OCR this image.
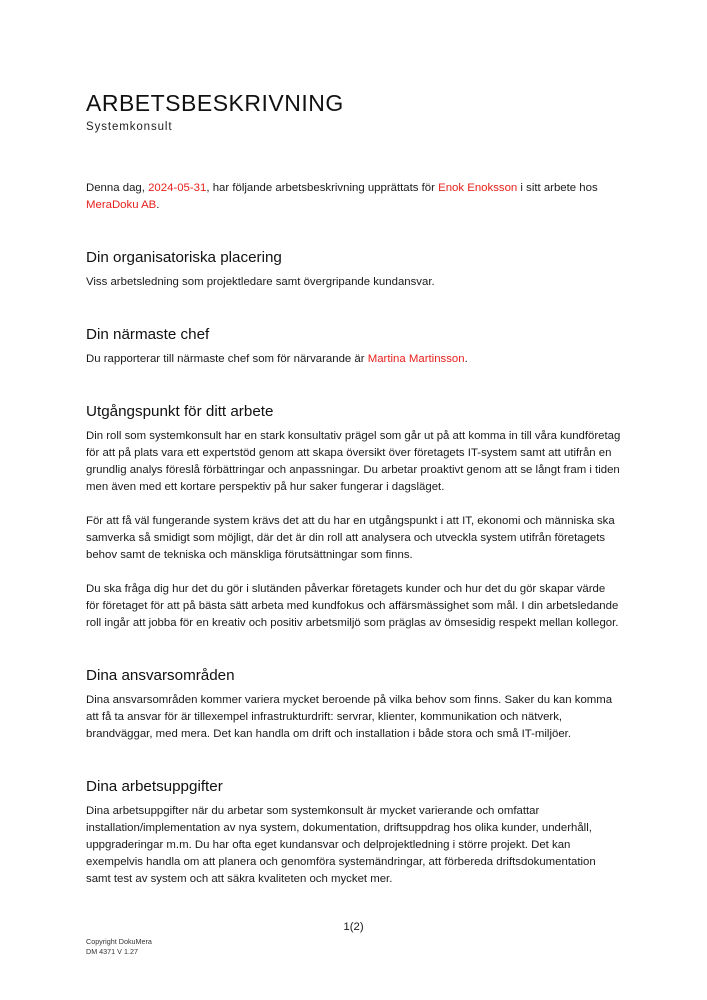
ARBETSBESKRIVNING
Systemkonsult

Denna dag, 2024-05-31, har följande arbetsbeskrivning upprättats för Enok Enoksson i sitt arbete hos MeraDoku AB.

Din organisatoriska placering

Viss arbetsledning som projektledare samt övergripande kundansvar.

Din närmaste chef

Du rapporterar till närmaste chef som för närvarande är Martina Martinsson.

Utgångspunkt för ditt arbete

Din roll som systemkonsult har en stark konsultativ prägel som går ut på att komma in till våra kundföretag för att på plats vara ett expertstöd genom att skapa översikt över företagets IT-system samt att utifrån en grundlig analys föreslå förbättringar och anpassningar. Du arbetar proaktivt genom att se långt fram i tiden men även med ett kortare perspektiv på hur saker fungerar i dagsläget.

För att få väl fungerande system krävs det att du har en utgångspunkt i att IT, ekonomi och människa ska samverka så smidigt som möjligt, där det är din roll att analysera och utveckla system utifrån företagets behov samt de tekniska och mänskliga förutsättningar som finns.

Du ska fråga dig hur det du gör i slutänden påverkar företagets kunder och hur det du gör skapar värde för företaget för att på bästa sätt arbeta med kundfokus och affärsmässighet som mål. I din arbetsledande roll ingår att jobba för en kreativ och positiv arbetsmiljö som präglas av ömsesidig respekt mellan kollegor.

Dina ansvarsområden

Dina ansvarsområden kommer variera mycket beroende på vilka behov som finns. Saker du kan komma att få ta ansvar för är tillexempel infrastrukturdrift: servrar, klienter, kommunikation och nätverk, brandväggar, med mera. Det kan handla om drift och installation i både stora och små IT-miljöer.

Dina arbetsuppgifter

Dina arbetsuppgifter när du arbetar som systemkonsult är mycket varierande och omfattar installation/implementation av nya system, dokumentation, driftsuppdrag hos olika kunder, underhåll, uppgraderingar m.m. Du har ofta eget kundansvar och delprojektledning i större projekt. Det kan exempelvis handla om att planera och genomföra systemändringar, att förbereda driftsdokumentation samt test av system och att säkra kvaliteten och mycket mer.

1(2)
Copyright DokuMera
DM 4371 V 1.27
